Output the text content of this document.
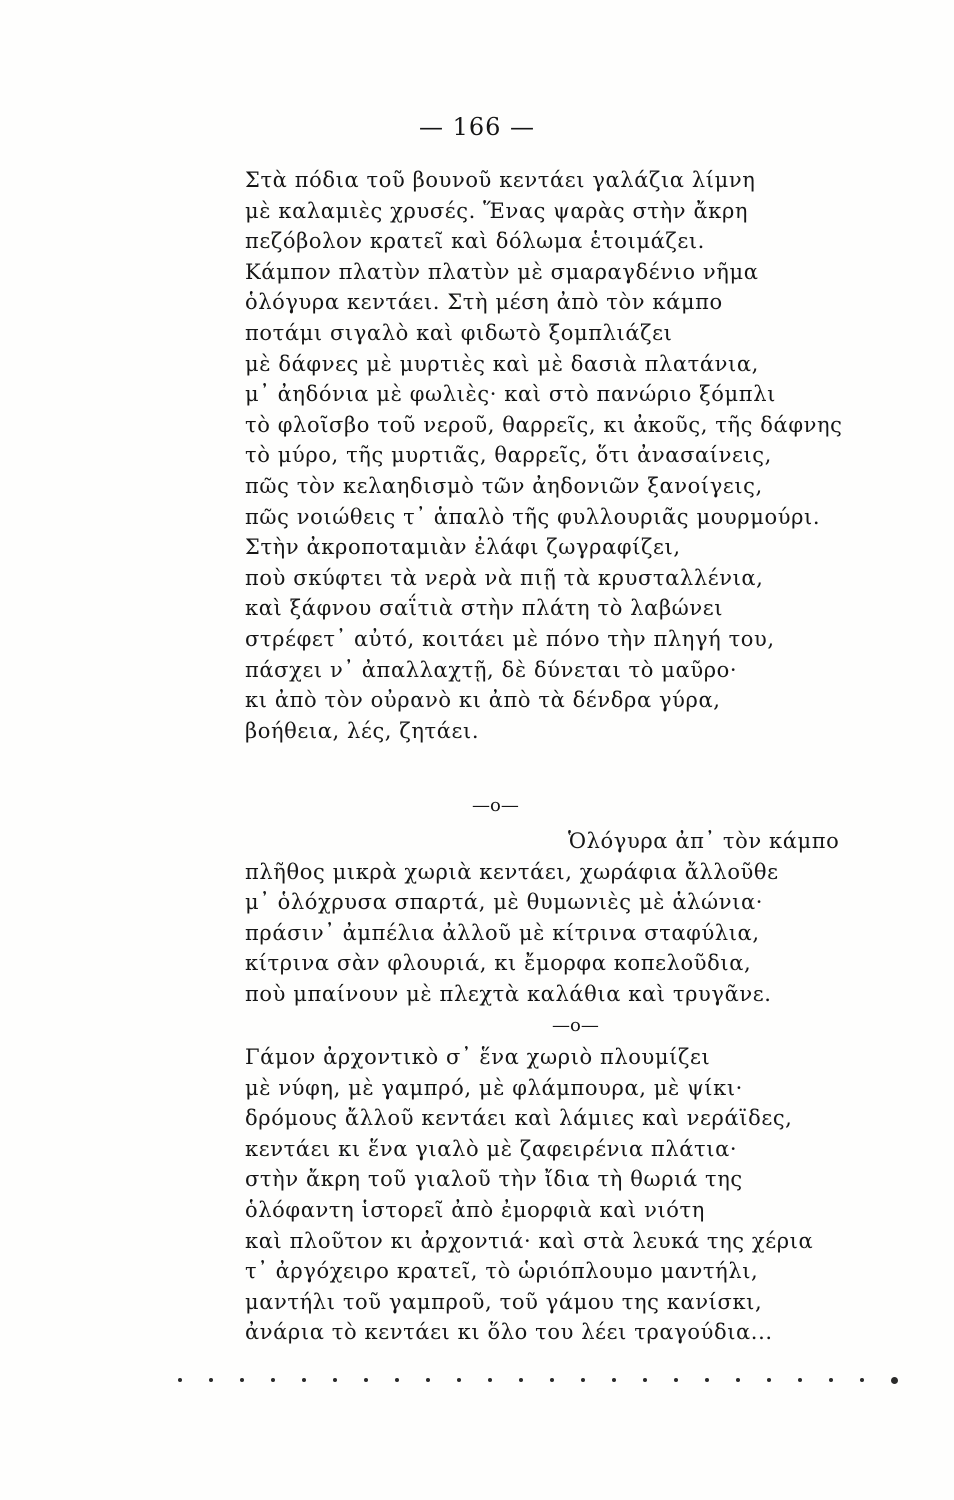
— 166 —
Στὰ πόδια τοῦ βουνοῦ κεντάει γαλάζια λίμνη
μὲ καλαμιὲς χρυσές. Ἕνας ψαρὰς στὴν ἄκρη
πεζόβολον κρατεῖ καὶ δόλωμα ἑτοιμάζει.
Κάμπον πλατὺν πλατὺν μὲ σμαραγδένιο νῆμα
ὁλόγυρα κεντάει. Στὴ μέση ἀπὸ τὸν κάμπο
ποτάμι σιγαλὸ καὶ φιδωτὸ ξομπλιάζει
μὲ δάφνες μὲ μυρτιὲς καὶ μὲ δασιὰ πλατάνια,
μ᾽ ἀηδόνια μὲ φωλιὲς· καὶ στὸ πανώριο ξόμπλι
τὸ φλοῖσβο τοῦ νεροῦ, θαρρεῖς, κι ἀκοῦς, τῆς δάφνης
τὸ μύρο, τῆς μυρτιᾶς, θαρρεῖς, ὅτι ἀνασαίνεις,
πῶς τὸν κελαηδισμὸ τῶν ἀηδονιῶν ξανοίγεις,
πῶς νοιώθεις τ᾽ ἁπαλὸ τῆς φυλλουριᾶς μουρμούρι.
Στὴν ἀκροποταμιὰν ἐλάφι ζωγραφίζει,
ποὺ σκύφτει τὰ νερὰ νὰ πιῇ τὰ κρυσταλλένια,
καὶ ξάφνου σαΐτιὰ στὴν πλάτη τὸ λαβώνει
στρέφετ᾽ αὐτό, κοιτάει μὲ πόνο τὴν πληγή του,
πάσχει ν᾽ ἀπαλλαχτῇ, δὲ δύνεται τὸ μαῦρο·
κι ἀπὸ τὸν οὐρανὸ κι ἀπὸ τὰ δένδρα γύρα,
βοήθεια, λές, ζητάει.
—o—
Ὁλόγυρα ἀπ᾽ τὸν κάμπο
πλῆθος μικρὰ χωριὰ κεντάει, χωράφια ἄλλοῦθε
μ᾽ ὁλόχρυσα σπαρτά, μὲ θυμωνιὲς μὲ ἁλώνια·
πράσιν᾽ ἀμπέλια ἀλλοῦ μὲ κίτρινα σταφύλια,
κίτρινα σὰν φλουριά, κι ἔμορφα κοπελοῦδια,
ποὺ μπαίνουν μὲ πλεχτὰ καλάθια καὶ τρυγᾶνε.
—o—
Γάμον ἀρχοντικὸ σ᾽ ἕνα χωριὸ πλουμίζει
μὲ νύφη, μὲ γαμπρό, μὲ φλάμπουρα, μὲ ψίκι·
δρόμους ἄλλοῦ κεντάει καὶ λάμιες καὶ νεράϊδες,
κεντάει κι ἕνα γιαλὸ μὲ ζαφειρένια πλάτια·
στὴν ἄκρη τοῦ γιαλοῦ τὴν ἴδια τὴ θωριά της
ὁλόφαντη ἱστορεῖ ἀπὸ ἐμορφιὰ καὶ νιότη
καὶ πλοῦτον κι ἀρχοντιά· καὶ στὰ λευκά της χέρια
τ᾽ ἀργόχειρο κρατεῖ, τὸ ὡριόπλουμο μαντήλι,
μαντήλι τοῦ γαμπροῦ, τοῦ γάμου της κανίσκι,
ἀνάρια τὸ κεντάει κι ὅλο του λέει τραγούδια...
